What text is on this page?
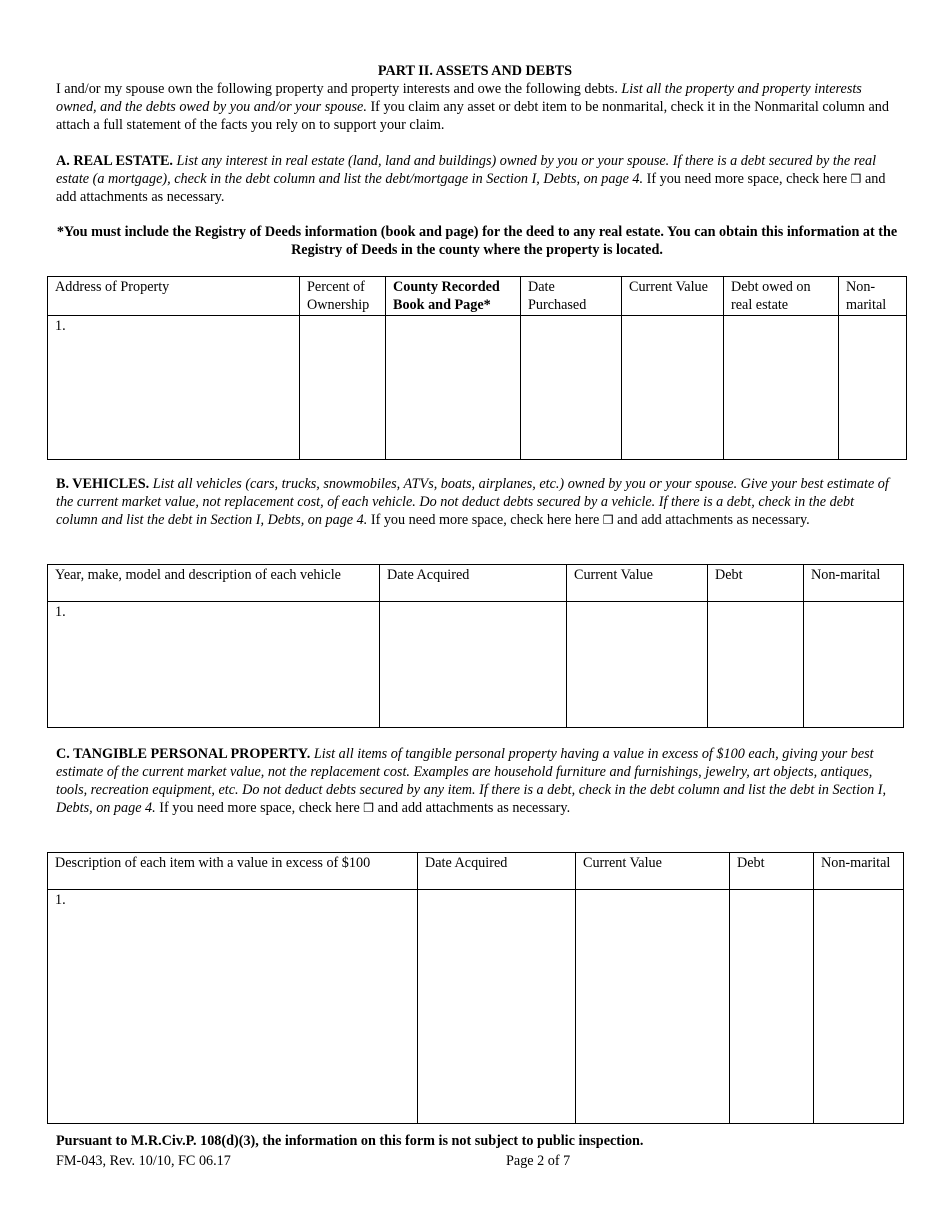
PART II. ASSETS AND DEBTS
I and/or my spouse own the following property and property interests and owe the following debts. List all the property and property interests owned, and the debts owed by you and/or your spouse. If you claim any asset or debt item to be nonmarital, check it in the Nonmarital column and attach a full statement of the facts you rely on to support your claim.
A. REAL ESTATE. List any interest in real estate (land, land and buildings) owned by you or your spouse. If there is a debt secured by the real estate (a mortgage), check in the debt column and list the debt/mortgage in Section I, Debts, on page 4. If you need more space, check here ❒ and add attachments as necessary.
*You must include the Registry of Deeds information (book and page) for the deed to any real estate. You can obtain this information at the Registry of Deeds in the county where the property is located.
Address of Property	Percent of Ownership	County Recorded Book and Page*	Date Purchased	Current Value	Debt owed on real estate	Non-marital
1.						
B. VEHICLES. List all vehicles (cars, trucks, snowmobiles, ATVs, boats, airplanes, etc.) owned by you or your spouse. Give your best estimate of the current market value, not replacement cost, of each vehicle. Do not deduct debts secured by a vehicle. If there is a debt, check in the debt column and list the debt in Section I, Debts, on page 4. If you need more space, check here here ❒ and add attachments as necessary.
Year, make, model and description of each vehicle	Date Acquired	Current Value	Debt	Non-marital
1.				
C. TANGIBLE PERSONAL PROPERTY. List all items of tangible personal property having a value in excess of $100 each, giving your best estimate of the current market value, not the replacement cost. Examples are household furniture and furnishings, jewelry, art objects, antiques, tools, recreation equipment, etc. Do not deduct debts secured by any item. If there is a debt, check in the debt column and list the debt in Section I, Debts, on page 4. If you need more space, check here ❒ and add attachments as necessary.
Description of each item with a value in excess of $100	Date Acquired	Current Value	Debt	Non-marital
1.				
Pursuant to M.R.Civ.P. 108(d)(3), the information on this form is not subject to public inspection.
FM-043, Rev. 10/10, FC 06.17	Page 2 of 7
